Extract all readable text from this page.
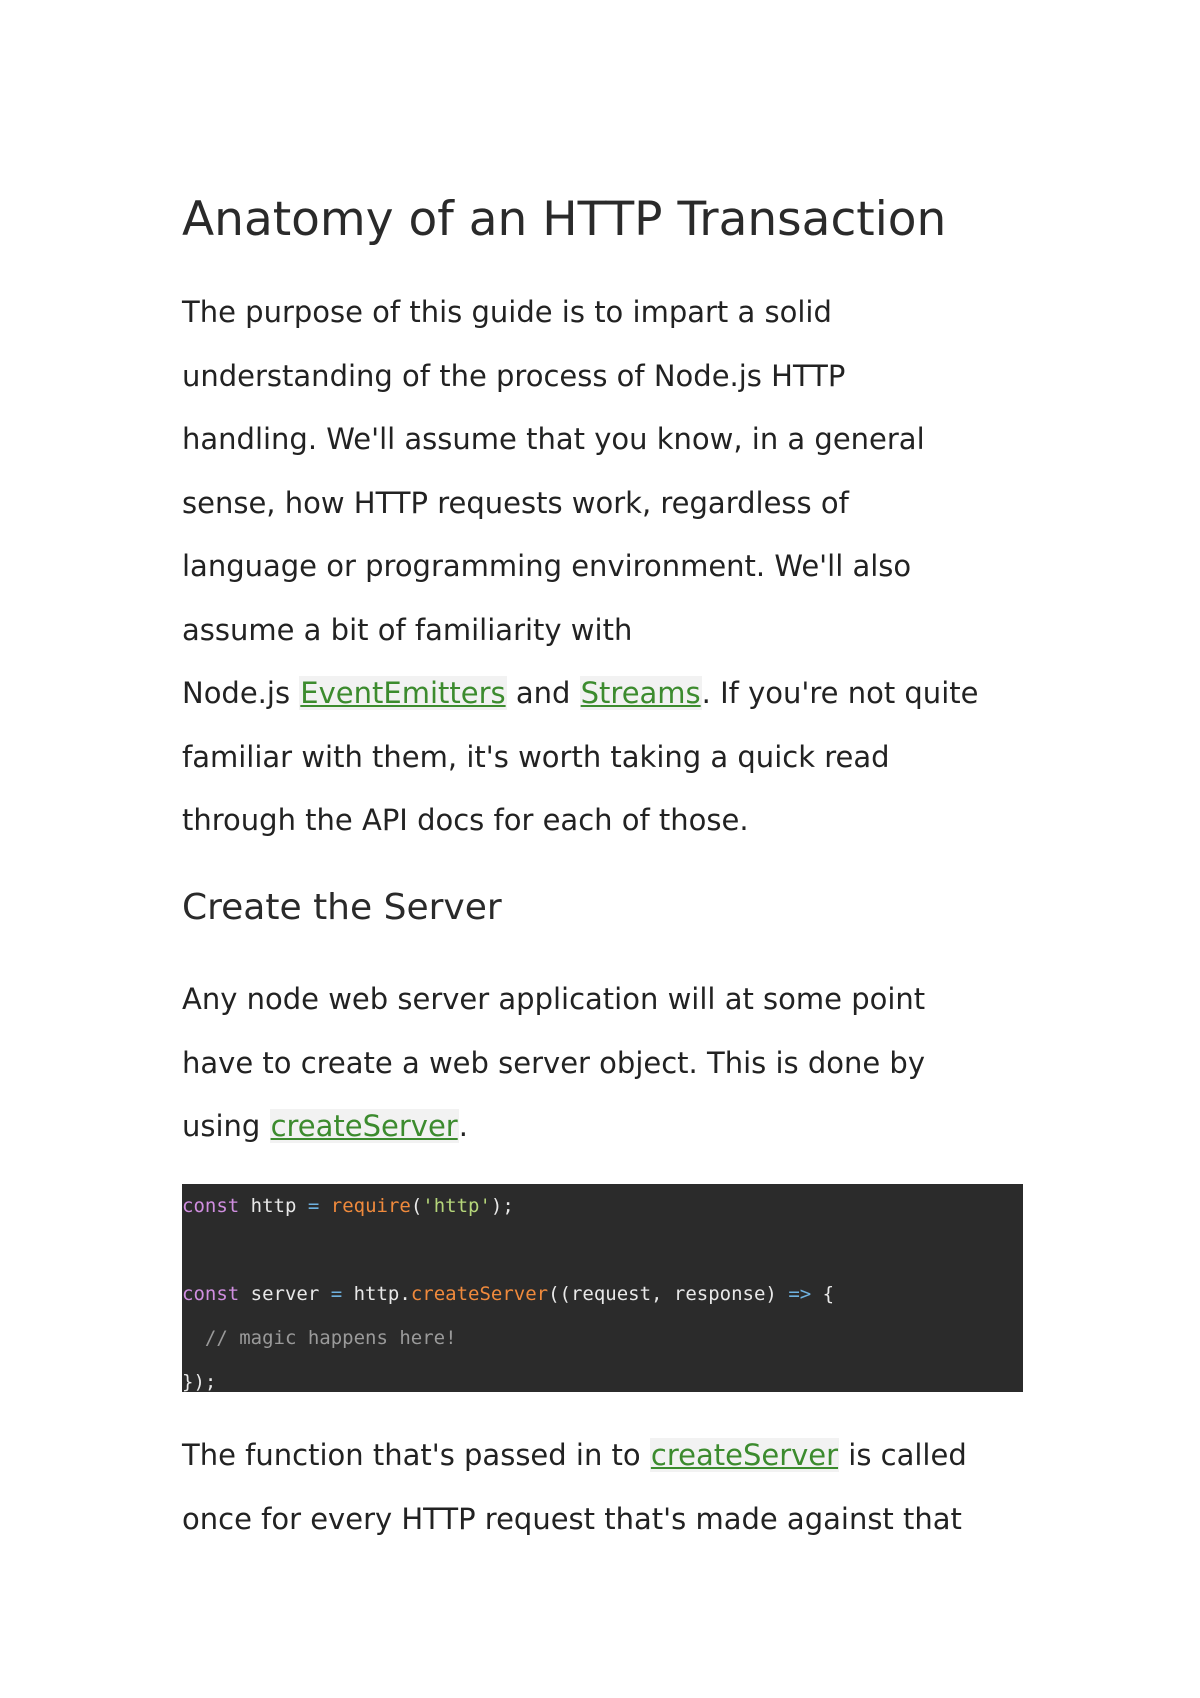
Anatomy of an HTTP Transaction

The purpose of this guide is to impart a solid
understanding of the process of Node.js HTTP
handling. We'll assume that you know, in a general
sense, how HTTP requests work, regardless of
language or programming environment. We'll also
assume a bit of familiarity with
Node.js EventEmitters and Streams. If you're not quite
familiar with them, it's worth taking a quick read
through the API docs for each of those.

Create the Server

Any node web server application will at some point
have to create a web server object. This is done by
using createServer.

const http = require('http');
const server = http.createServer((request, response) => {
// magic happens here!
});

The function that's passed in to createServer is called
once for every HTTP request that's made against that
